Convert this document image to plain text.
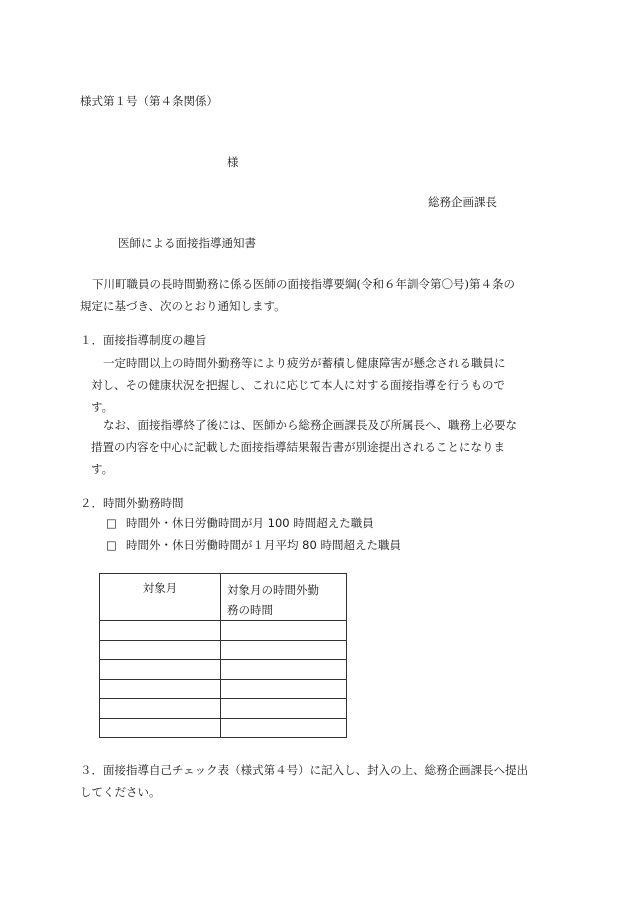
様式第１号（第４条関係）
様
総務企画課長
医師による面接指導通知書
下川町職員の長時間勤務に係る医師の面接指導要綱(令和６年訓令第〇号)第４条の
規定に基づき、次のとおり通知します。
１．面接指導制度の趣旨
一定時間以上の時間外勤務等により疲労が蓄積し健康障害が懸念される職員に
対し、その健康状況を把握し、これに応じて本人に対する面接指導を行うもので
す。
なお、面接指導終了後には、医師から総務企画課長及び所属長へ、職務上必要な
措置の内容を中心に記載した面接指導結果報告書が別途提出されることになりま
す。
２．時間外勤務時間
□ 時間外・休日労働時間が月 100 時間超えた職員
□ 時間外・休日労働時間が１月平均 80 時間超えた職員
対象月	対象月の時間外勤
務の時間

３．面接指導自己チェック表（様式第４号）に記入し、封入の上、総務企画課長へ提出
してください。
